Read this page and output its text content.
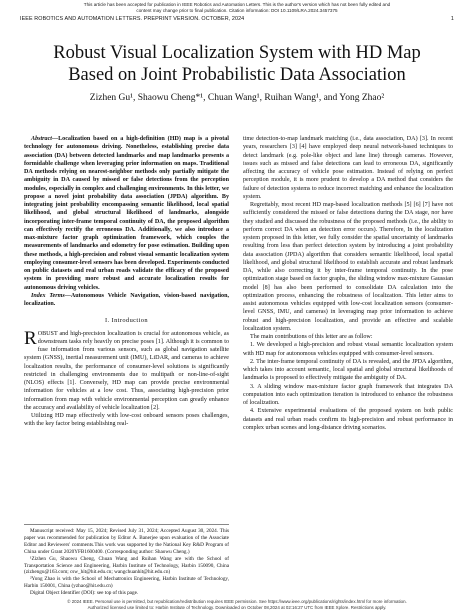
This article has been accepted for publication in IEEE Robotics and Automation Letters. This is the author's version which has not been fully edited and
content may change prior to final publication. Citation information: DOI 10.1109/LRA.2024.3457375
IEEE ROBOTICS AND AUTOMATION LETTERS. PREPRINT VERSION. OCTOBER, 2024	1
Robust Visual Localization System with HD Map
Based on Joint Probabilistic Data Association
Zizhen Gu¹, Shaowu Cheng*¹, Chuan Wang¹, Ruihan Wang¹, and Yong Zhao²

Abstract—Localization based on a high-definition (HD) map is a pivotal technology for autonomous driving. Nonetheless, establishing precise data association (DA) between detected landmarks and map landmarks presents a formidable challenge when leveraging prior information on maps. Traditional DA methods relying on nearest-neighbor methods only partially mitigate the ambiguity in DA caused by missed or false detections from the perception modules, especially in complex and challenging environments. In this letter, we propose a novel joint probability data association (JPDA) algorithm. By integrating joint probability encompassing semantic likelihood, local spatial likelihood, and global structural likelihood of landmarks, alongside incorporating inter-frame temporal continuity of DA, the proposed algorithm can effectively rectify the erroneous DA. Additionally, we also introduce a max-mixture factor graph optimization framework, which couples the measurements of landmarks and odometry for pose estimation. Building upon these methods, a high-precision and robust visual semantic localization system employing consumer-level sensors has been developed. Experiments conducted on public datasets and real urban roads validate the efficacy of the proposed system in providing more robust and accurate localization results for autonomous driving vehicles.

Index Terms—Autonomous Vehicle Navigation, vision-based navigation, localization.

I. Introduction

ROBUST and high-precision localization is crucial for autonomous vehicle, as downstream tasks rely heavily on precise poses [1]. Although it is common to fuse information from various sensors, such as global navigation satellite system (GNSS), inertial measurement unit (IMU), LiDAR, and cameras to achieve localization results, the performance of consumer-level solutions is significantly restricted in challenging environments due to multipath or non-line-of-sight (NLOS) effects [1]. Conversely, HD map can provide precise environmental information for vehicles at a low cost. Thus, associating high-precision prior information from map with vehicle environmental perception can greatly enhance the accuracy and availability of vehicle localization [2].

Utilizing HD map effectively with low-cost onboard sensors poses challenges, with the key factor being establishing real-

Manuscript received: May 15, 2024; Revised July 31, 2024; Accepted August 30, 2024. This paper was recommended for publication by Editor A. Banerjee upon evaluation of the Associate Editor and Reviewers' comments.This work was supported by the National Key R&D Program of China under Grant 2020YFB1600400. (Corresponding author: Shaowu Cheng.)

¹Zizhen Gu, Shaowu Cheng, Chuan Wang and Ruihan Wang are with the School of Transportation Science and Engineering, Harbin Institute of Technology, Harbin 150090, China (zizhengu@163.com; csw_hit@hit.edu.cn; wangchuanhit@hit.edu.cn)

²Yong Zhao is with the School of Mechatronics Engineering, Harbin Institute of Technology, Harbin 150001, China (yzhao@hit.edu.cn)

Digital Object Identifier (DOI): see top of this page.

time detection-to-map landmark matching (i.e., data association, DA) [3]. In recent years, researchers [3] [4] have employed deep neural network-based techniques to detect landmark (e.g. pole-like object and lane line) through cameras. However, issues such as missed and false detections can lead to erroneous DA, significantly affecting the accuracy of vehicle pose estimation. Instead of relying on perfect perception module, it is more prudent to develop a DA method that considers the failure of detection systems to reduce incorrect matching and enhance the localization system.

Regrettably, most recent HD map-based localization methods [5] [6] [7] have not sufficiently considered the missed or false detections during the DA stage, nor have they studied and discussed the robustness of the proposed methods (i.e., the ability to perform correct DA when an detection error occurs). Therefore, In the localization system proposed in this letter, we fully consider the spatial uncertainty of landmarks resulting from less than perfect detection system by introducing a joint probability data association (JPDA) algorithm that considers semantic likelihood, local spatial likelihood, and global structural likelihood to establish accurate and robust landmark DA, while also correcting it by inter-frame temporal continuity. In the pose optimization stage based on factor graphs, the sliding window max-mixture Gaussian model [8] has also been performed to consolidate DA calculation into the optimization process, enhancing the robustness of localization. This letter aims to assist autonomous vehicles equipped with low-cost localization sensors (consumer-level GNSS, IMU, and cameras) in leveraging map prior information to achieve robust and high-precision localization, and provide an effective and scalable localization system.

The main contributions of this letter are as follow:

1. We developed a high-precision and robust visual semantic localization system with HD map for autonomous vehicles equipped with consumer-level sensors.

2. The inter-frame temporal continuity of DA is revealed, and the JPDA algorithm, which takes into account semantic, local spatial and global structural likelihoods of landmarks is proposed to effectively mitigate the ambiguity of DA.

3. A sliding window max-mixture factor graph framework that integrates DA computation into each optimization iteration is introduced to enhance the robustness of localization.

4. Extensive experimental evaluations of the proposed system on both public datasets and real urban roads confirm its high-precision and robust performance in complex urban scenes and long-distance driving scenarios.

© 2024 IEEE. Personal use is permitted, but republication/redistribution requires IEEE permission. See https://www.ieee.org/publications/rights/index.html for more information.
Authorized licensed use limited to: Harbin Institute of Technology. Downloaded on October 08,2024 at 02:16:27 UTC from IEEE Xplore. Restrictions apply.
